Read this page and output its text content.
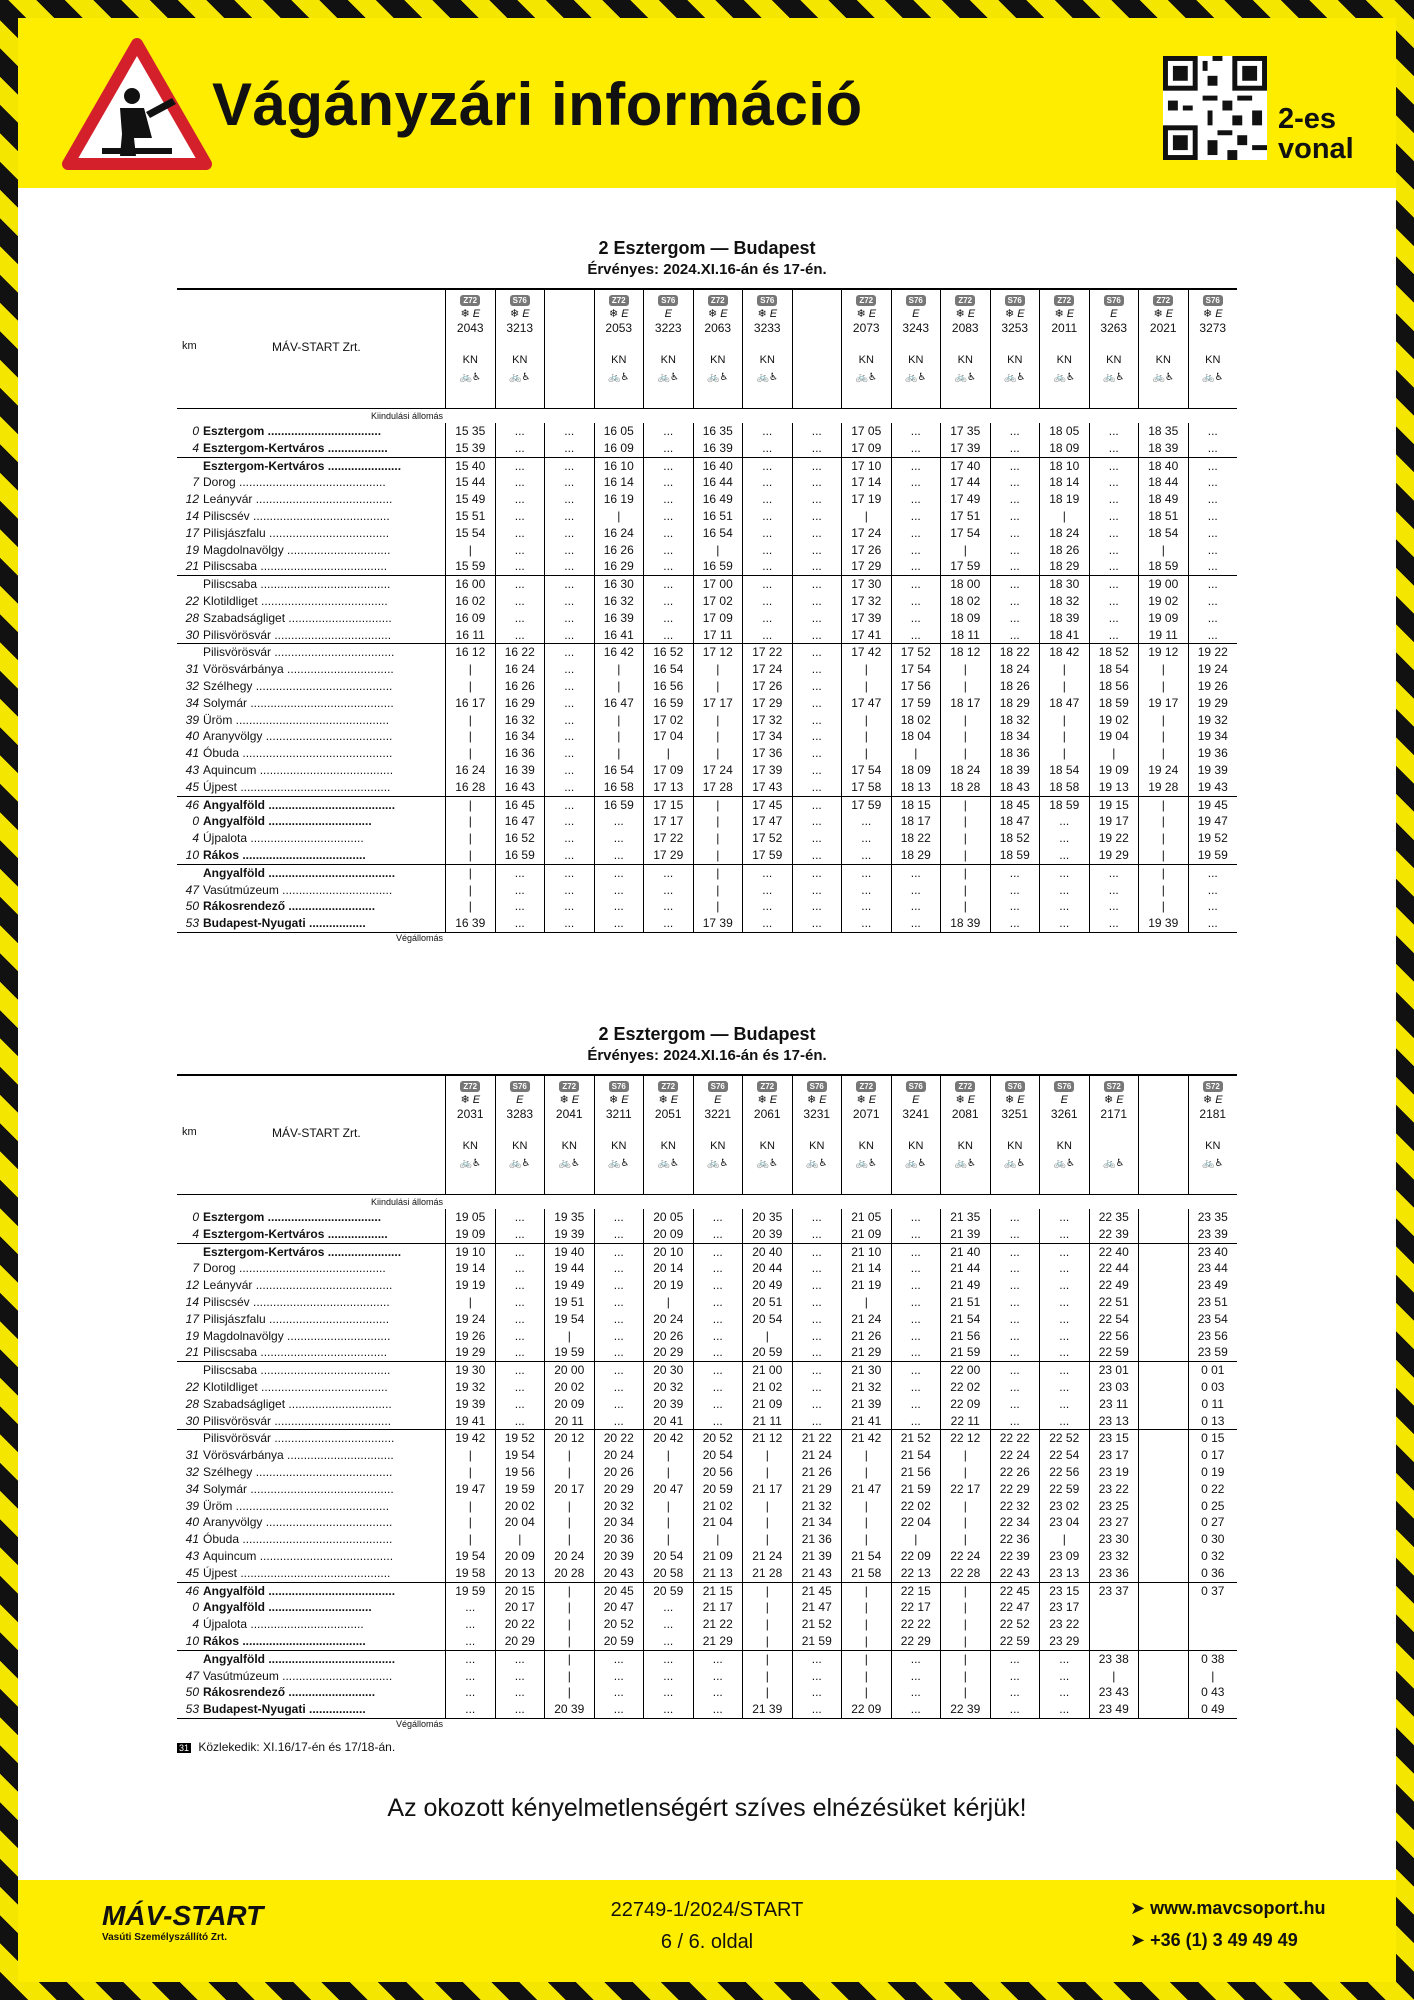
Vágányzári információ	2-es
vonal
2 Esztergom — Budapest
Érvényes: 2024.XI.16-án és 17-én.
km	MÁV-START Zrt.
Z72
❄ E
2043
KN
🚲♿
S76
❄ E
3213
KN
🚲♿
Z72
❄ E
2053
KN
🚲♿
S76
E
3223
KN
🚲♿
Z72
❄ E
2063
KN
🚲♿
S76
❄ E
3233
KN
🚲♿
Z72
❄ E
2073
KN
🚲♿
S76
E
3243
KN
🚲♿
Z72
❄ E
2083
KN
🚲♿
S76
❄ E
3253
KN
🚲♿
Z72
❄ E
2011
KN
🚲♿
S76
E
3263
KN
🚲♿
Z72
❄ E
2021
KN
🚲♿
S76
❄ E
3273
KN
🚲♿
Kiindulási állomás
0 Esztergom ..................................	15 35	...	...	16 05	...	16 35	...	...	17 05	...	17 35	...	18 05	...	18 35	...
4 Esztergom-Kertváros ..................	15 39	...	...	16 09	...	16 39	...	...	17 09	...	17 39	...	18 09	...	18 39	...
Esztergom-Kertváros ......................	15 40	...	...	16 10	...	16 40	...	...	17 10	...	17 40	...	18 10	...	18 40	...
7 Dorog ............................................	15 44	...	...	16 14	...	16 44	...	...	17 14	...	17 44	...	18 14	...	18 44	...
12 Leányvár .........................................	15 49	...	...	16 19	...	16 49	...	...	17 19	...	17 49	...	18 19	...	18 49	...
14 Piliscsév .........................................	15 51	...	...	|	...	16 51	...	...	|	...	17 51	...	|	...	18 51	...
17 Pilisjászfalu ....................................	15 54	...	...	16 24	...	16 54	...	...	17 24	...	17 54	...	18 24	...	18 54	...
19 Magdolnavölgy ...............................	|	...	...	16 26	...	|	...	...	17 26	...	|	...	18 26	...	|	...
21 Piliscsaba ......................................	15 59	...	...	16 29	...	16 59	...	...	17 29	...	17 59	...	18 29	...	18 59	...
Piliscsaba .......................................	16 00	...	...	16 30	...	17 00	...	...	17 30	...	18 00	...	18 30	...	19 00	...
22 Klotildliget ......................................	16 02	...	...	16 32	...	17 02	...	...	17 32	...	18 02	...	18 32	...	19 02	...
28 Szabadságliget ...............................	16 09	...	...	16 39	...	17 09	...	...	17 39	...	18 09	...	18 39	...	19 09	...
30 Pilisvörösvár ...................................	16 11	...	...	16 41	...	17 11	...	...	17 41	...	18 11	...	18 41	...	19 11	...
Pilisvörösvár ....................................	16 12	16 22	...	16 42	16 52	17 12	17 22	...	17 42	17 52	18 12	18 22	18 42	18 52	19 12	19 22
31 Vörösvárbánya ................................	|	16 24	...	|	16 54	|	17 24	...	|	17 54	|	18 24	|	18 54	|	19 24
32 Szélhegy .........................................	|	16 26	...	|	16 56	|	17 26	...	|	17 56	|	18 26	|	18 56	|	19 26
34 Solymár ...........................................	16 17	16 29	...	16 47	16 59	17 17	17 29	...	17 47	17 59	18 17	18 29	18 47	18 59	19 17	19 29
39 Üröm ..............................................	|	16 32	...	|	17 02	|	17 32	...	|	18 02	|	18 32	|	19 02	|	19 32
40 Aranyvölgy ......................................	|	16 34	...	|	17 04	|	17 34	...	|	18 04	|	18 34	|	19 04	|	19 34
41 Óbuda .............................................	|	16 36	...	|	|	|	17 36	...	|	|	|	18 36	|	|	|	19 36
43 Aquincum ........................................	16 24	16 39	...	16 54	17 09	17 24	17 39	...	17 54	18 09	18 24	18 39	18 54	19 09	19 24	19 39
45 Újpest .............................................	16 28	16 43	...	16 58	17 13	17 28	17 43	...	17 58	18 13	18 28	18 43	18 58	19 13	19 28	19 43
46 Angyalföld ......................................	|	16 45	...	16 59	17 15	|	17 45	...	17 59	18 15	|	18 45	18 59	19 15	|	19 45
0 Angyalföld ...............................	|	16 47	...	...	17 17	|	17 47	...	...	18 17	|	18 47	...	19 17	|	19 47
4 Újpalota ..................................	|	16 52	...	...	17 22	|	17 52	...	...	18 22	|	18 52	...	19 22	|	19 52
10 Rákos .....................................	|	16 59	...	...	17 29	|	17 59	...	...	18 29	|	18 59	...	19 29	|	19 59
Angyalföld ......................................	|	...	...	...	...	|	...	...	...	...	|	...	...	...	|	...
47 Vasútmúzeum .................................	|	...	...	...	...	|	...	...	...	...	|	...	...	...	|	...
50 Rákosrendező ..........................	|	...	...	...	...	|	...	...	...	...	|	...	...	...	|	...
53 Budapest-Nyugati .................	16 39	...	...	...	...	17 39	...	...	...	...	18 39	...	...	...	19 39	...
Végállomás
2 Esztergom — Budapest
Érvényes: 2024.XI.16-án és 17-én.
km	MÁV-START Zrt.
Z72
❄ E
2031
KN
🚲♿
S76
E
3283
KN
🚲♿
Z72
❄ E
2041
KN
🚲♿
S76
❄ E
3211
KN
🚲♿
Z72
❄ E
2051
KN
🚲♿
S76
E
3221
KN
🚲♿
Z72
❄ E
2061
KN
🚲♿
S76
❄ E
3231
KN
🚲♿
Z72
❄ E
2071
KN
🚲♿
S76
E
3241
KN
🚲♿
Z72
❄ E
2081
KN
🚲♿
S76
❄ E
3251
KN
🚲♿
S76
E
3261
KN
🚲♿
S72
❄ E
2171
🚲♿
S72
❄ E
2181
KN
🚲♿
Kiindulási állomás
0 Esztergom ..................................	19 05	...	19 35	...	20 05	...	20 35	...	21 05	...	21 35	...	...	22 35	23 35
4 Esztergom-Kertváros ..................	19 09	...	19 39	...	20 09	...	20 39	...	21 09	...	21 39	...	...	22 39	23 39
Esztergom-Kertváros ......................	19 10	...	19 40	...	20 10	...	20 40	...	21 10	...	21 40	...	...	22 40	23 40
7 Dorog ............................................	19 14	...	19 44	...	20 14	...	20 44	...	21 14	...	21 44	...	...	22 44	23 44
12 Leányvár .........................................	19 19	...	19 49	...	20 19	...	20 49	...	21 19	...	21 49	...	...	22 49	23 49
14 Piliscsév .........................................	|	...	19 51	...	|	...	20 51	...	|	...	21 51	...	...	22 51	23 51
17 Pilisjászfalu ....................................	19 24	...	19 54	...	20 24	...	20 54	...	21 24	...	21 54	...	...	22 54	23 54
19 Magdolnavölgy ...............................	19 26	...	|	...	20 26	...	|	...	21 26	...	21 56	...	...	22 56	23 56
21 Piliscsaba ......................................	19 29	...	19 59	...	20 29	...	20 59	...	21 29	...	21 59	...	...	22 59	23 59
Piliscsaba .......................................	19 30	...	20 00	...	20 30	...	21 00	...	21 30	...	22 00	...	...	23 01	0 01
22 Klotildliget ......................................	19 32	...	20 02	...	20 32	...	21 02	...	21 32	...	22 02	...	...	23 03	0 03
28 Szabadságliget ...............................	19 39	...	20 09	...	20 39	...	21 09	...	21 39	...	22 09	...	...	23 11	0 11
30 Pilisvörösvár ...................................	19 41	...	20 11	...	20 41	...	21 11	...	21 41	...	22 11	...	...	23 13	0 13
Pilisvörösvár ....................................	19 42	19 52	20 12	20 22	20 42	20 52	21 12	21 22	21 42	21 52	22 12	22 22	22 52	23 15	0 15
31 Vörösvárbánya ................................	|	19 54	|	20 24	|	20 54	|	21 24	|	21 54	|	22 24	22 54	23 17	0 17
32 Szélhegy .........................................	|	19 56	|	20 26	|	20 56	|	21 26	|	21 56	|	22 26	22 56	23 19	0 19
34 Solymár ...........................................	19 47	19 59	20 17	20 29	20 47	20 59	21 17	21 29	21 47	21 59	22 17	22 29	22 59	23 22	0 22
39 Üröm ..............................................	|	20 02	|	20 32	|	21 02	|	21 32	|	22 02	|	22 32	23 02	23 25	0 25
40 Aranyvölgy ......................................	|	20 04	|	20 34	|	21 04	|	21 34	|	22 04	|	22 34	23 04	23 27	0 27
41 Óbuda .............................................	|	|	|	20 36	|	|	|	21 36	|	|	|	22 36	|	23 30	0 30
43 Aquincum ........................................	19 54	20 09	20 24	20 39	20 54	21 09	21 24	21 39	21 54	22 09	22 24	22 39	23 09	23 32	0 32
45 Újpest .............................................	19 58	20 13	20 28	20 43	20 58	21 13	21 28	21 43	21 58	22 13	22 28	22 43	23 13	23 36	0 36
46 Angyalföld ......................................	19 59	20 15	|	20 45	20 59	21 15	|	21 45	|	22 15	|	22 45	23 15	23 37	0 37
0 Angyalföld ...............................	...	20 17	|	20 47	...	21 17	|	21 47	|	22 17	|	22 47	23 17
4 Újpalota ..................................	...	20 22	|	20 52	...	21 22	|	21 52	|	22 22	|	22 52	23 22
10 Rákos .....................................	...	20 29	|	20 59	...	21 29	|	21 59	|	22 29	|	22 59	23 29
Angyalföld ......................................	...	...	|	...	...	...	|	...	|	...	|	...	...	23 38	0 38
47 Vasútmúzeum .................................	...	...	|	...	...	...	|	...	|	...	|	...	...	|	|
50 Rákosrendező ..........................	...	...	|	...	...	...	|	...	|	...	|	...	...	23 43	0 43
53 Budapest-Nyugati .................	...	...	20 39	...	...	...	21 39	...	22 09	...	22 39	...	...	23 49	0 49
Végállomás
31 Közlekedik: XI.16/17-én és 17/18-án.
Az okozott kényelmetlenségért szíves elnézésüket kérjük!
MÁV-START
Vasúti Személyszállító Zrt.
22749-1/2024/START
6 / 6. oldal
➤ www.mavcsoport.hu
➤ +36 (1) 3 49 49 49
